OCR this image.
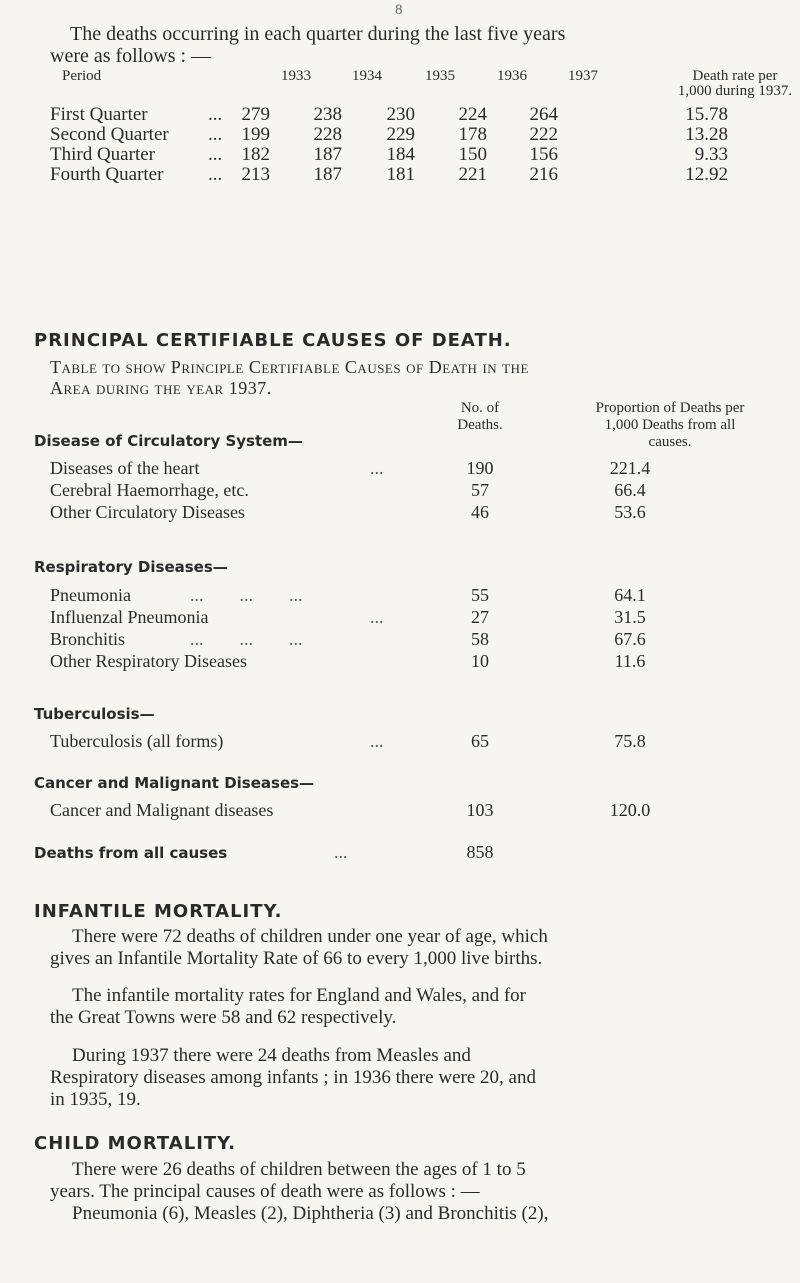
8
The deaths occurring in each quarter during the last five years
were as follows : —
Period	1933	1934	1935	1936	1937	Death rate per
1,000 during 1937.
First Quarter	...	279	238	230	224	264	15.78
Second Quarter ...	199	228	229	178	222	13.28
Third Quarter	...	182	187	184	150	156	9.33
Fourth Quarter ...	213	187	181	221	216	12.92
PRINCIPAL CERTIFIABLE CAUSES OF DEATH.
Table to show Principle Certifiable Causes of Death in the
Area during the year 1937.
No. of
Deaths.
Proportion of Deaths per
1,000 Deaths from all
causes.
Disease of Circulatory System—
Diseases of the heart	...	190	221.4
Cerebral Haemorrhage, etc.	57	66.4
Other Circulatory Diseases	46	53.6
Respiratory Diseases—
Pneumonia	...        ...        ...	55	64.1
Influenzal Pneumonia	...	27	31.5
Bronchitis	...        ...        ...	58	67.6
Other Respiratory Diseases	10	11.6
Tuberculosis—
Tuberculosis (all forms)	...	65	75.8
Cancer and Malignant Diseases—
Cancer and Malignant diseases	103	120.0
Deaths from all causes	...	858
INFANTILE MORTALITY.
There were 72 deaths of children under one year of age, which
gives an Infantile Mortality Rate of 66 to every 1,000 live births.
The infantile mortality rates for England and Wales, and for
the Great Towns were 58 and 62 respectively.
During 1937 there were 24 deaths from Measles and
Respiratory diseases among infants ; in 1936 there were 20, and
in 1935, 19.
CHILD MORTALITY.
There were 26 deaths of children between the ages of 1 to 5
years. The principal causes of death were as follows : —
Pneumonia (6), Measles (2), Diphtheria (3) and Bronchitis (2),
